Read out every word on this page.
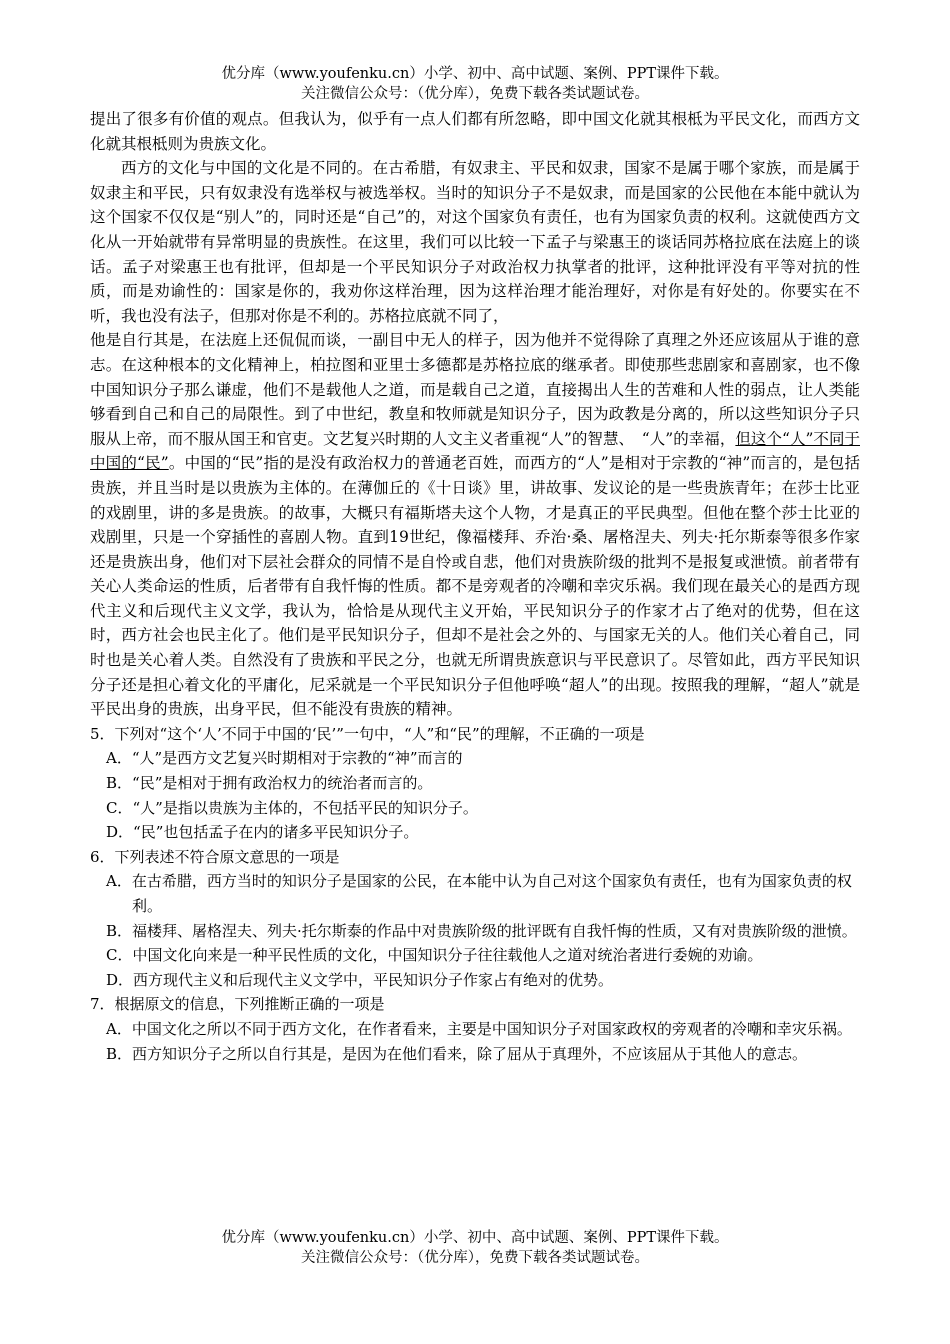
优分库（www.youfenku.cn）小学、初中、高中试题、案例、PPT课件下载。
关注微信公众号：（优分库），免费下载各类试题试卷。

提出了很多有价值的观点。但我认为，似乎有一点人们都有所忽略，即中国文化就其根柢为平民文化，而西方文化就其根柢则为贵族文化。

西方的文化与中国的文化是不同的。在古希腊，有奴隶主、平民和奴隶，国家不是属于哪个家族，而是属于奴隶主和平民，只有奴隶没有选举权与被选举权。当时的知识分子不是奴隶，而是国家的公民他在本能中就认为这个国家不仅仅是“别人”的，同时还是“自己”的，对这个国家负有责任，也有为国家负责的权利。这就使西方文化从一开始就带有异常明显的贵族性。在这里，我们可以比较一下孟子与梁惠王的谈话同苏格拉底在法庭上的谈话。孟子对梁惠王也有批评，但却是一个平民知识分子对政治权力执掌者的批评，这种批评没有平等对抗的性质，而是劝谕性的：国家是你的，我劝你这样治理，因为这样治理才能治理好，对你是有好处的。你要实在不听，我也没有法子，但那对你是不利的。苏格拉底就不同了，

他是自行其是，在法庭上还侃侃而谈，一副目中无人的样子，因为他并不觉得除了真理之外还应该屈从于谁的意志。在这种根本的文化精神上，柏拉图和亚里士多德都是苏格拉底的继承者。即使那些悲剧家和喜剧家，也不像中国知识分子那么谦虚，他们不是载他人之道，而是载自己之道，直接揭出人生的苦难和人性的弱点，让人类能够看到自己和自己的局限性。到了中世纪，教皇和牧师就是知识分子，因为政教是分离的，所以这些知识分子只服从上帝，而不服从国王和官吏。文艺复兴时期的人文主义者重视“人”的智慧、　“人”的幸福，但这个“人”不同于中国的“民”。中国的“民”指的是没有政治权力的普通老百姓，而西方的“人”是相对于宗教的“神”而言的，是包括贵族，并且当时是以贵族为主体的。在薄伽丘的《十日谈》里，讲故事、发议论的是一些贵族青年；在莎士比亚的戏剧里，讲的多是贵族。的故事，大概只有福斯塔夫这个人物，才是真正的平民典型。但他在整个莎士比亚的戏剧里，只是一个穿插性的喜剧人物。直到19世纪，像福楼拜、乔治·桑、屠格涅夫、列夫·托尔斯泰等很多作家还是贵族出身，他们对下层社会群众的同情不是自怜或自悲，他们对贵族阶级的批判不是报复或泄愤。前者带有关心人类命运的性质，后者带有自我忏悔的性质。都不是旁观者的冷嘲和幸灾乐祸。我们现在最关心的是西方现代主义和后现代主义文学，我认为，恰恰是从现代主义开始，平民知识分子的作家才占了绝对的优势，但在这时，西方社会也民主化了。他们是平民知识分子，但却不是社会之外的、与国家无关的人。他们关心着自己，同时也是关心着人类。自然没有了贵族和平民之分，也就无所谓贵族意识与平民意识了。尽管如此，西方平民知识分子还是担心着文化的平庸化，尼采就是一个平民知识分子但他呼唤“超人”的出现。按照我的理解，“超人”就是平民出身的贵族，出身平民，但不能没有贵族的精神。

5．下列对“这个‘人’不同于中国的‘民’”一句中，“人”和“民”的理解，不正确的一项是

A．“人”是西方文艺复兴时期相对于宗教的“神”而言的

B．“民”是相对于拥有政治权力的统治者而言的。

C．“人”是指以贵族为主体的，不包括平民的知识分子。

D．“民”也包括孟子在内的诸多平民知识分子。

6．下列表述不符合原文意思的一项是

A．在古希腊，西方当时的知识分子是国家的公民，在本能中认为自己对这个国家负有责任，也有为国家负责的权利。

B．福楼拜、屠格涅夫、列夫·托尔斯泰的作品中对贵族阶级的批评既有自我忏悔的性质，又有对贵族阶级的泄愤。

C．中国文化向来是一种平民性质的文化，中国知识分子往往载他人之道对统治者进行委婉的劝谕。

D．西方现代主义和后现代主义文学中，平民知识分子作家占有绝对的优势。

7．根据原文的信息，下列推断正确的一项是

A．中国文化之所以不同于西方文化，在作者看来，主要是中国知识分子对国家政权的旁观者的冷嘲和幸灾乐祸。

B．西方知识分子之所以自行其是，是因为在他们看来，除了屈从于真理外，不应该屈从于其他人的意志。

优分库（www.youfenku.cn）小学、初中、高中试题、案例、PPT课件下载。
关注微信公众号：（优分库），免费下载各类试题试卷。
